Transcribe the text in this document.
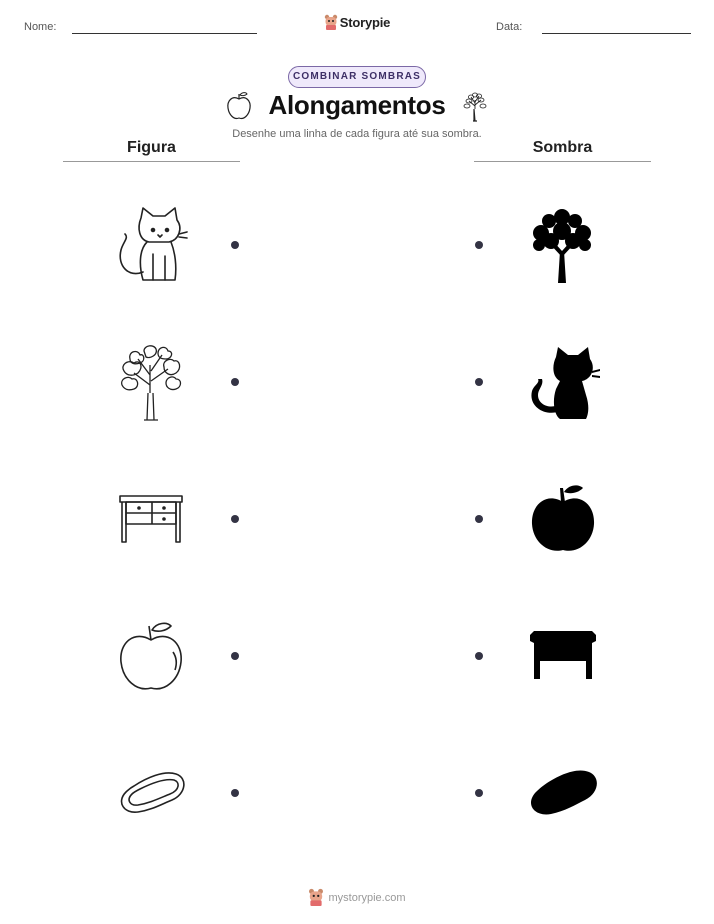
Nome:	Storypie	Data:
COMBINAR SOMBRAS
Alongamentos
Desenhe uma linha de cada figura até sua sombra.
Figura	Sombra
mystorypie.com
